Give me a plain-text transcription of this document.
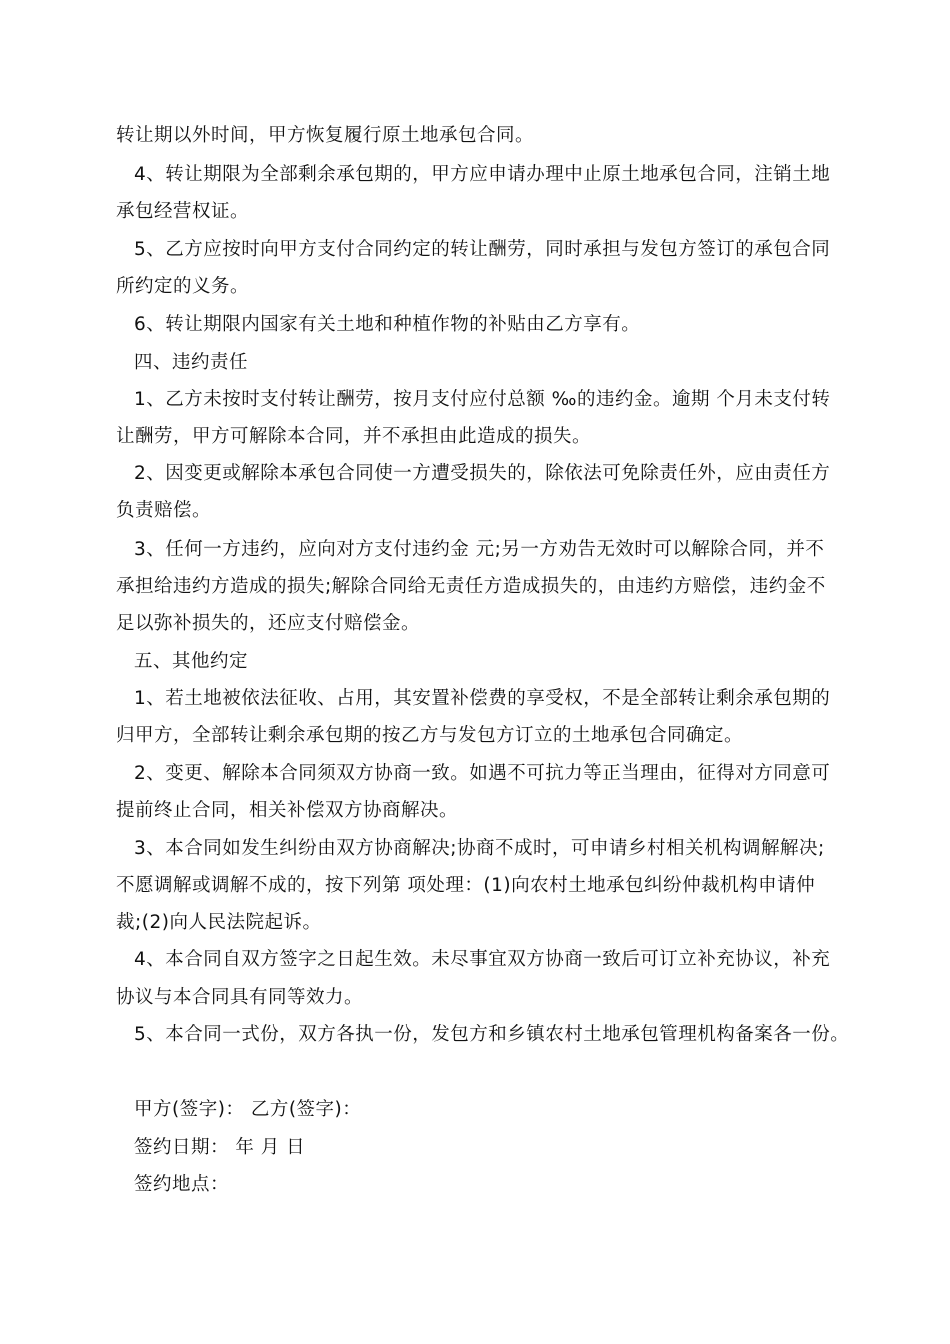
转让期以外时间，甲方恢复履行原土地承包合同。
4、转让期限为全部剩余承包期的，甲方应申请办理中止原土地承包合同，注销土地
承包经营权证。
5、乙方应按时向甲方支付合同约定的转让酬劳，同时承担与发包方签订的承包合同
所约定的义务。
6、转让期限内国家有关土地和种植作物的补贴由乙方享有。
四、违约责任
1、乙方未按时支付转让酬劳，按月支付应付总额 ‰的违约金。逾期 个月未支付转
让酬劳，甲方可解除本合同，并不承担由此造成的损失。
2、因变更或解除本承包合同使一方遭受损失的，除依法可免除责任外，应由责任方
负责赔偿。
3、任何一方违约，应向对方支付违约金 元;另一方劝告无效时可以解除合同，并不
承担给违约方造成的损失;解除合同给无责任方造成损失的，由违约方赔偿，违约金不
足以弥补损失的，还应支付赔偿金。
五、其他约定
1、若土地被依法征收、占用，其安置补偿费的享受权，不是全部转让剩余承包期的
归甲方，全部转让剩余承包期的按乙方与发包方订立的土地承包合同确定。
2、变更、解除本合同须双方协商一致。如遇不可抗力等正当理由，征得对方同意可
提前终止合同，相关补偿双方协商解决。
3、本合同如发生纠纷由双方协商解决;协商不成时，可申请乡村相关机构调解解决;
不愿调解或调解不成的，按下列第 项处理：(1)向农村土地承包纠纷仲裁机构申请仲
裁;(2)向人民法院起诉。
4、本合同自双方签字之日起生效。未尽事宜双方协商一致后可订立补充协议，补充
协议与本合同具有同等效力。
5、本合同一式份，双方各执一份，发包方和乡镇农村土地承包管理机构备案各一份。
甲方(签字)： 乙方(签字)：
签约日期： 年 月 日
签约地点：
